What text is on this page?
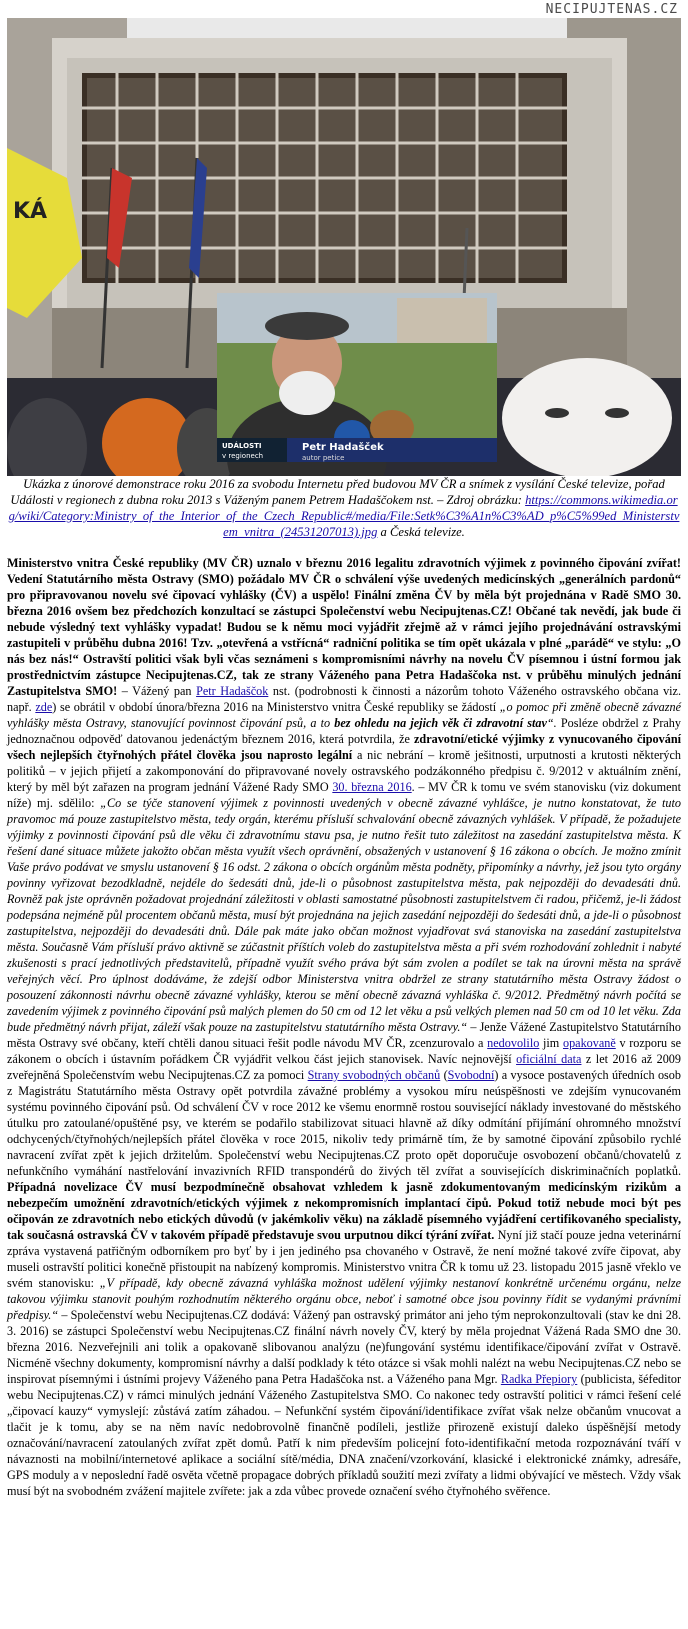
NECIPUJTENAS.CZ
KÁ
UDÁLOSTI
v regionech
Petr Hadašček
autor petice
Ukázka z únorové demonstrace roku 2016 za svobodu Internetu před budovou MV ČR a snímek z vysílání České televize, pořad Události v regionech z dubna roku 2013 s Váženým panem Petrem Hadaščokem nst. – Zdroj obrázku: https://commons.wikimedia.org/wiki/Category:Ministry_of_the_Interior_of_the_Czech_Republic#/media/File:Setk%C3%A1n%C3%AD_p%C5%99ed_Ministerstvem_vnitra_(24531207013).jpg a Česká televize.

Ministerstvo vnitra České republiky (MV ČR) uznalo v březnu 2016 legalitu zdravotních výjimek z povinného čipování zvířat! Vedení Statutárního města Ostravy (SMO) požádalo MV ČR o schválení výše uvedených medicínských „generálních pardonů“ pro připravovanou novelu své čipovací vyhlášky (ČV) a uspělo! Finální změna ČV by měla být projednána v Radě SMO 30. března 2016 ovšem bez předchozích konzultací se zástupci Společenství webu Necipujtenas.CZ! Občané tak nevědí, jak bude či nebude výsledný text vyhlášky vypadat! Budou se k němu moci vyjádřit zřejmě až v rámci jejího projednávání ostravskými zastupiteli v průběhu dubna 2016! Tzv. „otevřená a vstřícná“ radniční politika se tím opět ukázala v plné „parádě“ ve stylu: „O nás bez nás!“ Ostravští politici však byli včas seznámeni s kompromisními návrhy na novelu ČV písemnou i ústní formou jak prostřednictvím zástupce Necipujtenas.CZ, tak ze strany Váženého pana Petra Hadaščoka nst. v průběhu minulých jednání Zastupitelstva SMO! – Vážený pan Petr Hadaščok nst. (podrobnosti k činnosti a názorům tohoto Váženého ostravského občana viz. např. zde) se obrátil v období února/března 2016 na Ministerstvo vnitra České republiky se žádostí „o pomoc při změně obecně závazné vyhlášky města Ostravy, stanovující povinnost čipování psů, a to bez ohledu na jejich věk či zdravotní stav“. Posléze obdržel z Prahy jednoznačnou odpověď datovanou jedenáctým březnem 2016, která potvrdila, že zdravotní/etické výjimky z vynucovaného čipování všech nejlepších čtyřnohých přátel člověka jsou naprosto legální a nic nebrání – kromě ješitnosti, urputnosti a krutosti některých politiků – v jejich přijetí a zakomponování do připravované novely ostravského podzákonného předpisu č. 9/2012 v aktuálním znění, který by měl být zařazen na program jednání Vážené Rady SMO 30. března 2016. – MV ČR k tomu ve svém stanovisku (viz dokument níže) mj. sdělilo: „Co se týče stanovení výjimek z povinnosti uvedených v obecně závazné vyhlášce, je nutno konstatovat, že tuto pravomoc má pouze zastupitelstvo města, tedy orgán, kterému přísluší schvalování obecně závazných vyhlášek. V případě, že požadujete výjimky z povinnosti čipování psů dle věku či zdravotnímu stavu psa, je nutno řešit tuto záležitost na zasedání zastupitelstva města. K řešení dané situace můžete jakožto občan města využít všech oprávnění, obsažených v ustanovení § 16 zákona o obcích. Je možno zmínit Vaše právo podávat ve smyslu ustanovení § 16 odst. 2 zákona o obcích orgánům města podněty, připomínky a návrhy, jež jsou tyto orgány povinny vyřizovat bezodkladně, nejdéle do šedesáti dnů, jde-li o působnost zastupitelstva města, pak nejpozději do devadesáti dnů. Rovněž pak jste oprávněn požadovat projednání záležitosti v oblasti samostatné působnosti zastupitelstvem či radou, přičemž, je-li žádost podepsána nejméně půl procentem občanů města, musí být projednána na jejich zasedání nejpozději do šedesáti dnů, a jde-li o působnost zastupitelstva, nejpozději do devadesáti dnů. Dále pak máte jako občan možnost vyjadřovat svá stanoviska na zasedání zastupitelstva města. Současně Vám přísluší právo aktivně se zúčastnit příštích voleb do zastupitelstva města a při svém rozhodování zohlednit i nabyté zkušenosti s prací jednotlivých představitelů, případně využít svého práva být sám zvolen a podílet se tak na úrovni města na správě veřejných věcí. Pro úplnost dodáváme, že zdejší odbor Ministerstva vnitra obdržel ze strany statutárního města Ostravy žádost o posouzení zákonnosti návrhu obecně závazné vyhlášky, kterou se mění obecně závazná vyhláška č. 9/2012. Předmětný návrh počítá se zavedením výjimek z povinného čipování psů malých plemen do 50 cm od 12 let věku a psů velkých plemen nad 50 cm od 10 let věku. Zda bude předmětný návrh přijat, záleží však pouze na zastupitelstvu statutárního města Ostravy.“ – Jenže Vážené Zastupitelstvo Statutárního města Ostravy své občany, kteří chtěli danou situaci řešit podle návodu MV ČR, zcenzurovalo a nedovolilo jim opakovaně v rozporu se zákonem o obcích i ústavním pořádkem ČR vyjádřit velkou část jejich stanovisek. Navíc nejnovější oficiální data z let 2016 až 2009 zveřejněná Společenstvím webu Necipujtenas.CZ za pomoci Strany svobodných občanů (Svobodní) a vysoce postavených úředních osob z Magistrátu Statutárního města Ostravy opět potvrdila závažné problémy a vysokou míru neúspěšnosti ve zdejším vynucovaném systému povinného čipování psů. Od schválení ČV v roce 2012 ke všemu enormně rostou související náklady investované do městského útulku pro zatoulané/opuštěné psy, ve kterém se podařilo stabilizovat situaci hlavně až díky odmítání přijímání ohromného množství odchycených/čtyřnohých/nejlepších přátel člověka v roce 2015, nikoliv tedy primárně tím, že by samotné čipování způsobilo rychlé navracení zvířat zpět k jejich držitelům. Společenství webu Necipujtenas.CZ proto opět doporučuje osvobození občanů/chovatelů z nefunkčního vymáhání nastřelování invazivních RFID transpondérů do živých těl zvířat a souvisejících diskriminačních poplatků. Případná novelizace ČV musí bezpodmínečně obsahovat vzhledem k jasně zdokumentovaným medicínským rizikům a nebezpečím umožnění zdravotních/etických výjimek z nekompromisních implantací čipů. Pokud totiž nebude moci být pes očipován ze zdravotních nebo etických důvodů (v jakémkoliv věku) na základě písemného vyjádření certifikovaného specialisty, tak současná ostravská ČV v takovém případě představuje svou urputnou dikcí týrání zvířat. Nyní již stačí pouze jedna veterinární zpráva vystavená patřičným odborníkem pro byť by i jen jediného psa chovaného v Ostravě, že není možné takové zvíře čipovat, aby museli ostravští politici konečně přistoupit na nabízený kompromis. Ministerstvo vnitra ČR k tomu už 23. listopadu 2015 jasně vřeklo ve svém stanovisku: „V případě, kdy obecně závazná vyhláška možnost udělení výjimky nestanoví konkrétně určenému orgánu, nelze takovou výjimku stanovit pouhým rozhodnutím některého orgánu obce, neboť i samotné obce jsou povinny řídit se vydanými právními předpisy.“ – Společenství webu Necipujtenas.CZ dodává: Vážený pan ostravský primátor ani jeho tým neprokonzultovali (stav ke dni 28. 3. 2016) se zástupci Společenství webu Necipujtenas.CZ finální návrh novely ČV, který by měla projednat Vážená Rada SMO dne 30. března 2016. Nezveřejnili ani tolik a opakovaně slibovanou analýzu (ne)fungování systému identifikace/čipování zvířat v Ostravě. Nicméně všechny dokumenty, kompromisní návrhy a další podklady k této otázce si však mohli nalézt na webu Necipujtenas.CZ nebo se inspirovat písemnými i ústními projevy Váženého pana Petra Hadaščoka nst. a Váženého pana Mgr. Radka Přepiory (publicista, šéfeditor webu Necipujtenas.CZ) v rámci minulých jednání Váženého Zastupitelstva SMO. Co nakonec tedy ostravští politici v rámci řešení celé „čipovací kauzy“ vymyslejí: zůstává zatím záhadou. – Nefunkční systém čipování/identifikace zvířat však nelze občanům vnucovat a tlačit je k tomu, aby se na něm navíc nedobrovolně finančně podíleli, jestliže přirozeně existují daleko úspěšnější metody označování/navracení zatoulaných zvířat zpět domů. Patří k nim především policejní foto-identifikační metoda rozpoznávání tváří v návaznosti na mobilní/internetové aplikace a sociální sítě/média, DNA značení/vzorkování, klasické i elektronické známky, adresáře, GPS moduly a v neposlední řadě osvěta včetně propagace dobrých příkladů soužití mezi zvířaty a lidmi obývající ve městech. Vždy však musí být na svobodném zvážení majitele zvířete: jak a zda vůbec provede označení svého čtyřnohého svěřence.
